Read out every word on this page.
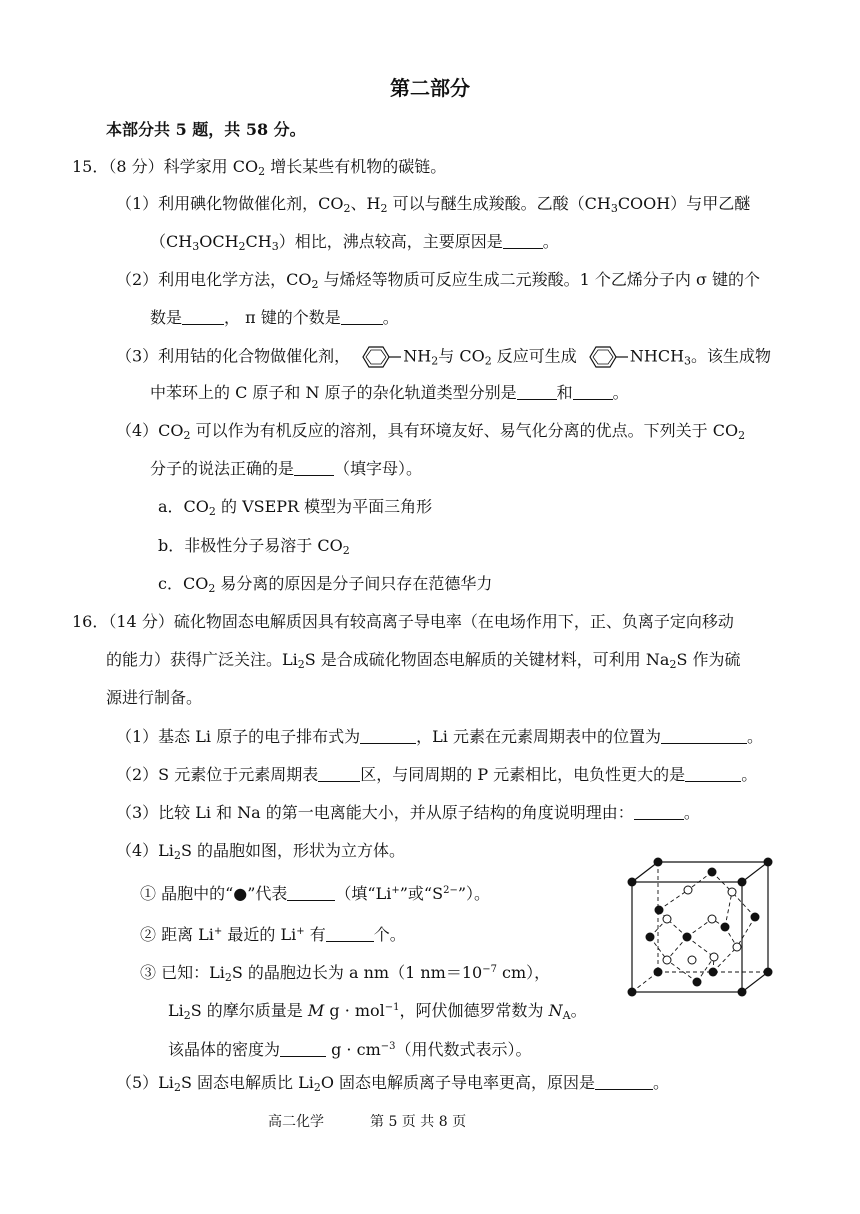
第二部分
本部分共 5 题，共 58 分。
15．（8 分）科学家用 $CO_2$ 增长某些有机物的碳链。
（1）利用碘化物做催化剂，$CO_2$、$H_2$ 可以与醚生成羧酸。乙酸$(CH_3COOH)$与甲乙醚
$(CH_3OCH_2CH_3)$相比，沸点较高，主要原因是	。
（2）利用电化学方法，$CO_2$ 与烯烃等物质可反应生成二元羧酸。1 个乙烯分子内 σ 键的个
数是	， π 键的个数是	。
（3）利用钴的化合物做催化剂，	$NH_2$与 $CO_2$ 反应可生成	$NHCH_3$。该生成物
中苯环上的 C 原子和 N 原子的杂化轨道类型分别是	和	。
$(4)CO_2$ 可以作为有机反应的溶剂，具有环境友好、易气化分离的优点。下列关于 $CO_2$
分子的说法正确的是	（填字母）。
a．$CO_2$ 的 VSEPR 模型为平面三角形
b．非极性分子易溶于 $CO_2$
c．$CO_2$ 易分离的原因是分子间只存在范德华力
16．（14 分）硫化物固态电解质因具有较高离子导电率（在电场作用下，正、负离子定向移动
的能力）获得广泛关注。$Li_2S$ 是合成硫化物固态电解质的关键材料，可利用 $Na_2S$ 作为硫
源进行制备。
（1）基态 Li 原子的电子排布式为	，Li 元素在元素周期表中的位置为	。
（2）S 元素位于元素周期表	区，与同周期的 P 元素相比，电负性更大的是	。
（3）比较 Li 和 Na 的第一电离能大小，并从原子结构的角度说明理由：	。
$(4)Li_2S$ 的晶胞如图，形状为立方体。
① 晶胞中的“●”代表	（填“Li+”或“$S^{2-}$”）。
② 距离 Li+ 最近的 Li+ 有	个。
③ 已知：$Li_2S$ 的晶胞边长为 a nm（1 $nm=10^{-7}$ cm），
$Li_2S$ 的摩尔质量是 M g · mol$^{-1}$，阿伏伽德罗常数为 $N_A$。
该晶体的密度为	$g \cdot cm^{-3}$（用代数式表示）。
$(5)Li_2S$ 固态电解质比 $Li_2O$ 固态电解质离子导电率更高，原因是	。
高二化学	第 5 页 共 8 页
